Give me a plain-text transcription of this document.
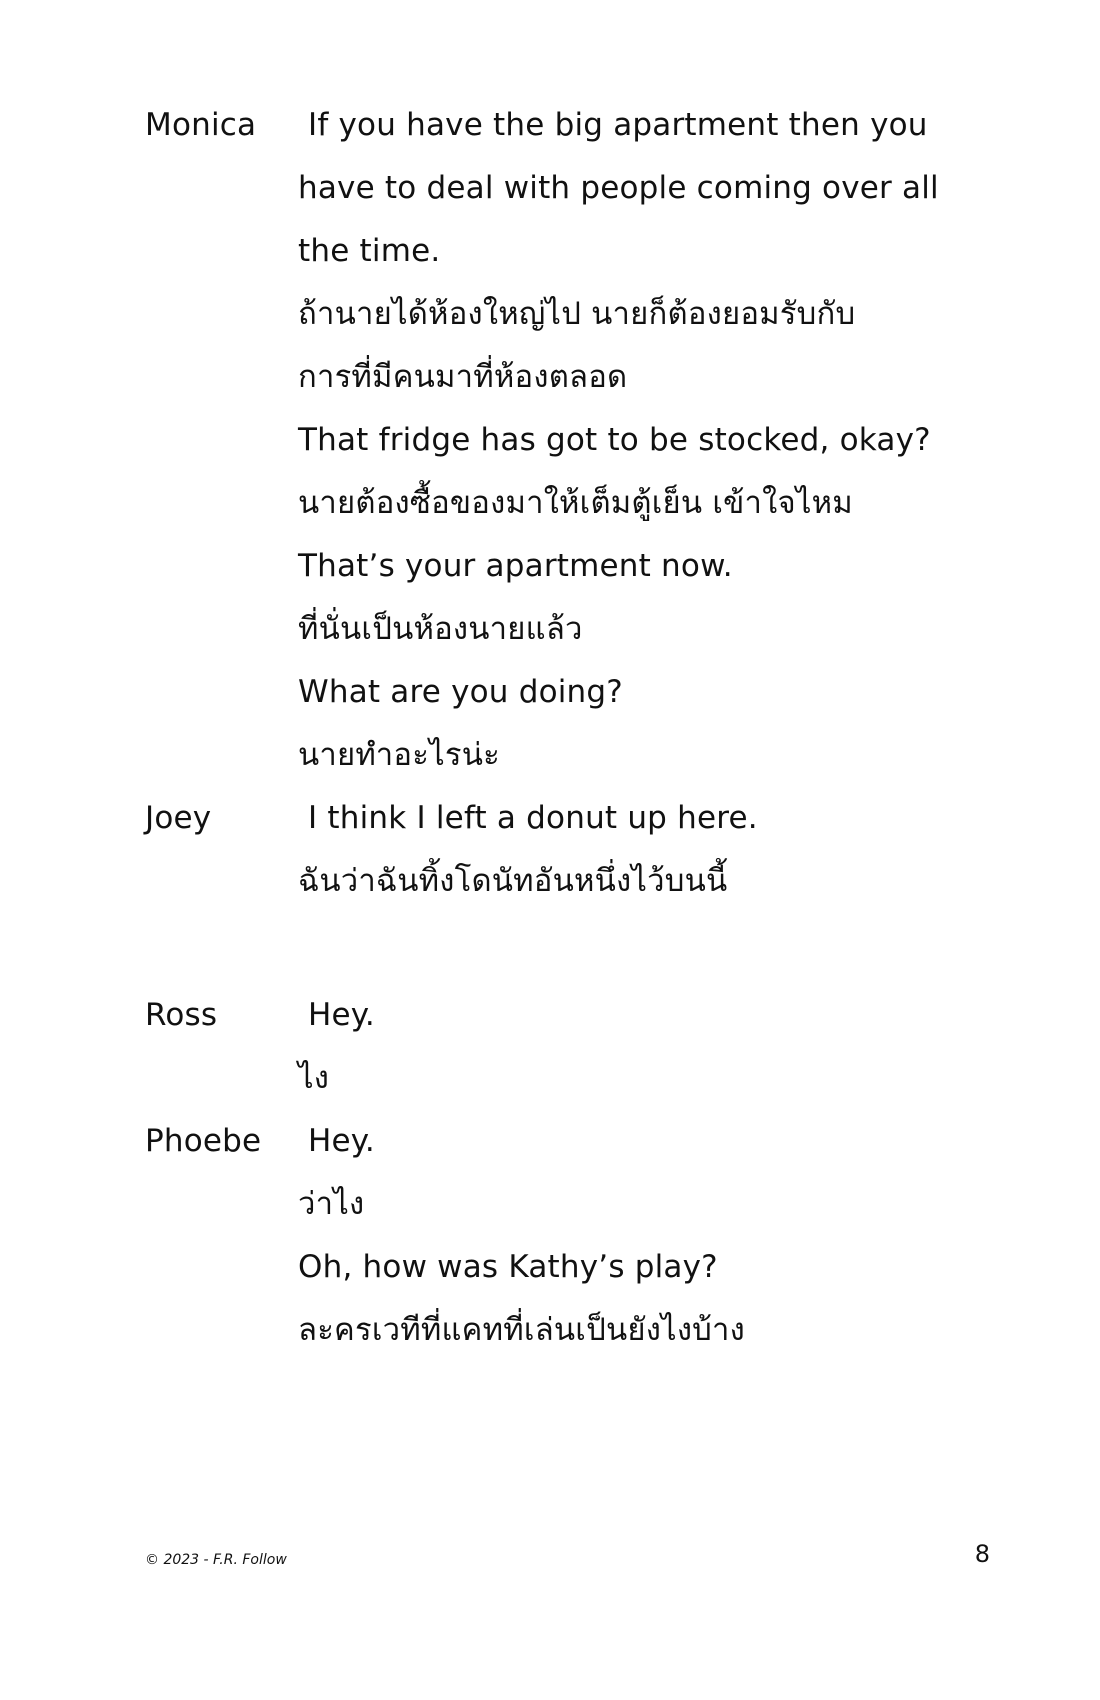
Monica If you have the big apartment then you
have to deal with people coming over all
the time.
ถ้านายได้ห้องใหญ่ไป นายก็ต้องยอมรับกับ
การที่มีคนมาที่ห้องตลอด
That fridge has got to be stocked, okay?
นายต้องซื้อของมาให้เต็มตู้เย็น เข้าใจไหม
That’s your apartment now.
ที่นั่นเป็นห้องนายแล้ว
What are you doing?
นายทำอะไรน่ะ
Joey	I think I left a donut up here.
ฉันว่าฉันทิ้งโดนัทอันหนึ่งไว้บนนี้
Ross	Hey.
ไง
Phoebe Hey.
ว่าไง
Oh, how was Kathy’s play?
ละครเวทีที่แคทที่เล่นเป็นยังไงบ้าง
© 2023 - F.R. Follow	8
